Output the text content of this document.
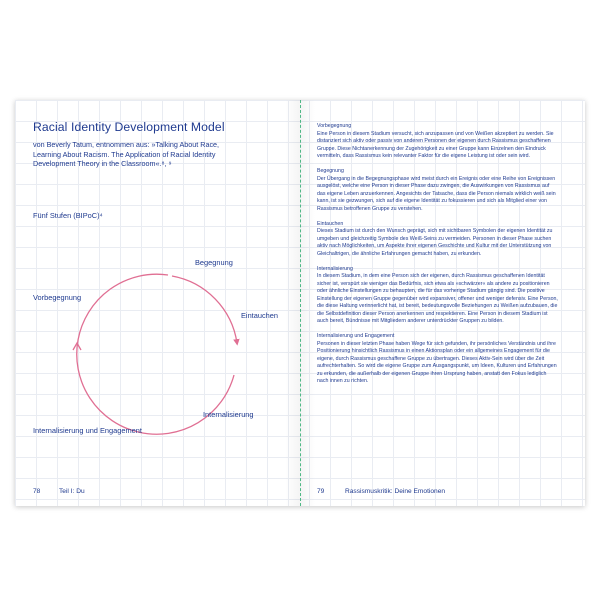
Racial Identity Development Model
von Beverly Tatum, entnommen aus: »Talking About Race, Learning About Racism. The Application of Racial Identity Development Theory in the Classroom«.⁸, ⁹
Fünf Stufen (BIPoC)⁴
Begegnung
Vorbegegnung
Eintauchen
Internalisierung
Internalisierung und Engagement
78	Teil I: Du
Vorbegegnung
Eine Person in diesem Stadium versucht, sich anzupassen und von Weißen akzeptiert zu werden. Sie distanziert sich aktiv oder passiv von anderen Personen der eigenen durch Rassismus geschaffenen Gruppe. Diese Nichtanerkennung der Zugehörigkeit zu einer Gruppe kann Einzelnen den Eindruck vermitteln, dass Rassismus kein relevanter Faktor für die eigene Leistung ist oder sein wird.
Begegnung
Der Übergang in die Begegnungsphase wird meist durch ein Ereignis oder eine Reihe von Ereignissen ausgelöst, welche eine Person in dieser Phase dazu zwingen, die Auswirkungen von Rassismus auf das eigene Leben anzuerkennen. Angesichts der Tatsache, dass die Person niemals wirklich weiß sein kann, ist sie gezwungen, sich auf die eigene Identität zu fokussieren und sich als Mitglied einer von Rassismus betroffenen Gruppe zu verstehen.
Eintauchen
Dieses Stadium ist durch den Wunsch geprägt, sich mit sichtbaren Symbolen der eigenen Identität zu umgeben und gleichzeitig Symbole des Weiß-Seins zu vermeiden. Personen in dieser Phase suchen aktiv nach Möglichkeiten, um Aspekte ihrer eigenen Geschichte und Kultur mit der Unterstützung von Gleichaltrigen, die ähnliche Erfahrungen gemacht haben, zu erkunden.
Internalisierung
In diesem Stadium, in dem eine Person sich der eigenen, durch Rassismus geschaffenen Identität sicher ist, verspürt sie weniger das Bedürfnis, sich etwa als »schwärzer« als andere zu positionieren oder ähnliche Einstellungen zu behaupten, die für das vorherige Stadium gängig sind. Die positive Einstellung der eigenen Gruppe gegenüber wird expansiver, offener und weniger defensiv. Eine Person, die diese Haltung verinnerlicht hat, ist bereit, bedeutungsvolle Beziehungen zu Weißen aufzubauen, die die Selbstdefinition dieser Person anerkennen und respektieren. Eine Person in diesem Stadium ist auch bereit, Bündnisse mit Mitgliedern anderer unterdrückter Gruppen zu bilden.
Internalisierung und Engagement
Personen in dieser letzten Phase haben Wege für sich gefunden, ihr persönliches Verständnis und ihre Positionierung hinsichtlich Rassismus in einen Aktionsplan oder ein allgemeines Engagement für die eigene, durch Rassismus geschaffene Gruppe zu übertragen. Dieses Aktiv-Sein wird über die Zeit aufrechterhalten. So wird die eigene Gruppe zum Ausgangspunkt, um Ideen, Kulturen und Erfahrungen zu erkunden, die außerhalb der eigenen Gruppe ihren Ursprung haben, anstatt den Fokus lediglich nach innen zu richten.
79	Rassismuskritik: Deine Emotionen
